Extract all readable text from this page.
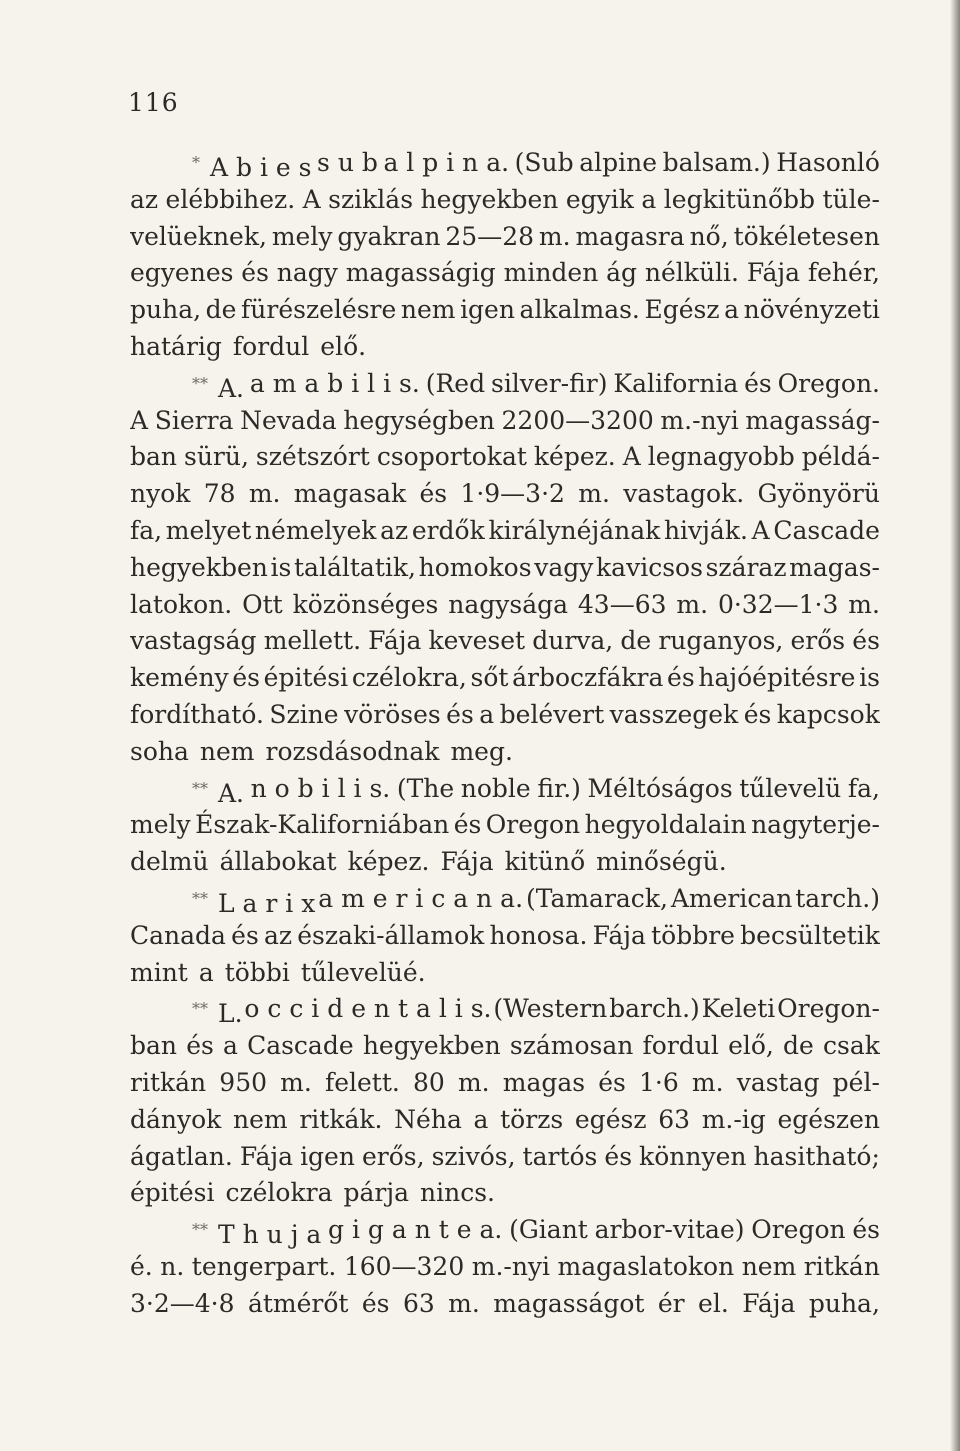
116
* A b i e s s u b a l p i n a. (Sub alpine balsam.) Hasonló
az elébbihez. A sziklás hegyekben egyik a legkitünőbb tüle-
velüeknek, mely gyakran 25—28 m. magasra nő, tökéletesen
egyenes és nagy magasságig minden ág nélküli. Fája fehér,
puha, de fürészelésre nem igen alkalmas. Egész a növényzeti
határig fordul elő.
** A. a m a b i l i s. (Red silver-fir) Kalifornia és Oregon.
A Sierra Nevada hegységben 2200—3200 m.-nyi magasság-
ban sürü, szétszórt csoportokat képez. A legnagyobb példá-
nyok 78 m. magasak és 1·9—3·2 m. vastagok. Gyönyörü
fa, melyet némelyek az erdők királynéjának hivják. A Cascade
hegyekben is találtatik, homokos vagy kavicsos száraz magas-
latokon. Ott közönséges nagysága 43—63 m. 0·32—1·3 m.
vastagság mellett. Fája keveset durva, de ruganyos, erős és
kemény és épitési czélokra, sőt árboczfákra és hajóépitésre is
fordítható. Szine vöröses és a belévert vasszegek és kapcsok
soha nem rozsdásodnak meg.
** A. n o b i l i s. (The noble fir.) Méltóságos tűlevelü fa,
mely Észak-Kaliforniában és Oregon hegyoldalain nagyterje-
delmü állabokat képez. Fája kitünő minőségü.
** L a r i x a m e r i c a n a. (Tamarack, American tarch.)
Canada és az északi-államok honosa. Fája többre becsültetik
mint a többi tűlevelüé.
** L. o c c i d e n t a l i s. (Western barch.) Keleti Oregon-
ban és a Cascade hegyekben számosan fordul elő, de csak
ritkán 950 m. felett. 80 m. magas és 1·6 m. vastag pél-
dányok nem ritkák. Néha a törzs egész 63 m.-ig egészen
ágatlan. Fája igen erős, szivós, tartós és könnyen hasitható;
épitési czélokra párja nincs.
** T h u j a g i g a n t e a. (Giant arbor-vitae) Oregon és
é. n. tengerpart. 160—320 m.-nyi magaslatokon nem ritkán
3·2—4·8 átmérőt és 63 m. magasságot ér el. Fája puha,
